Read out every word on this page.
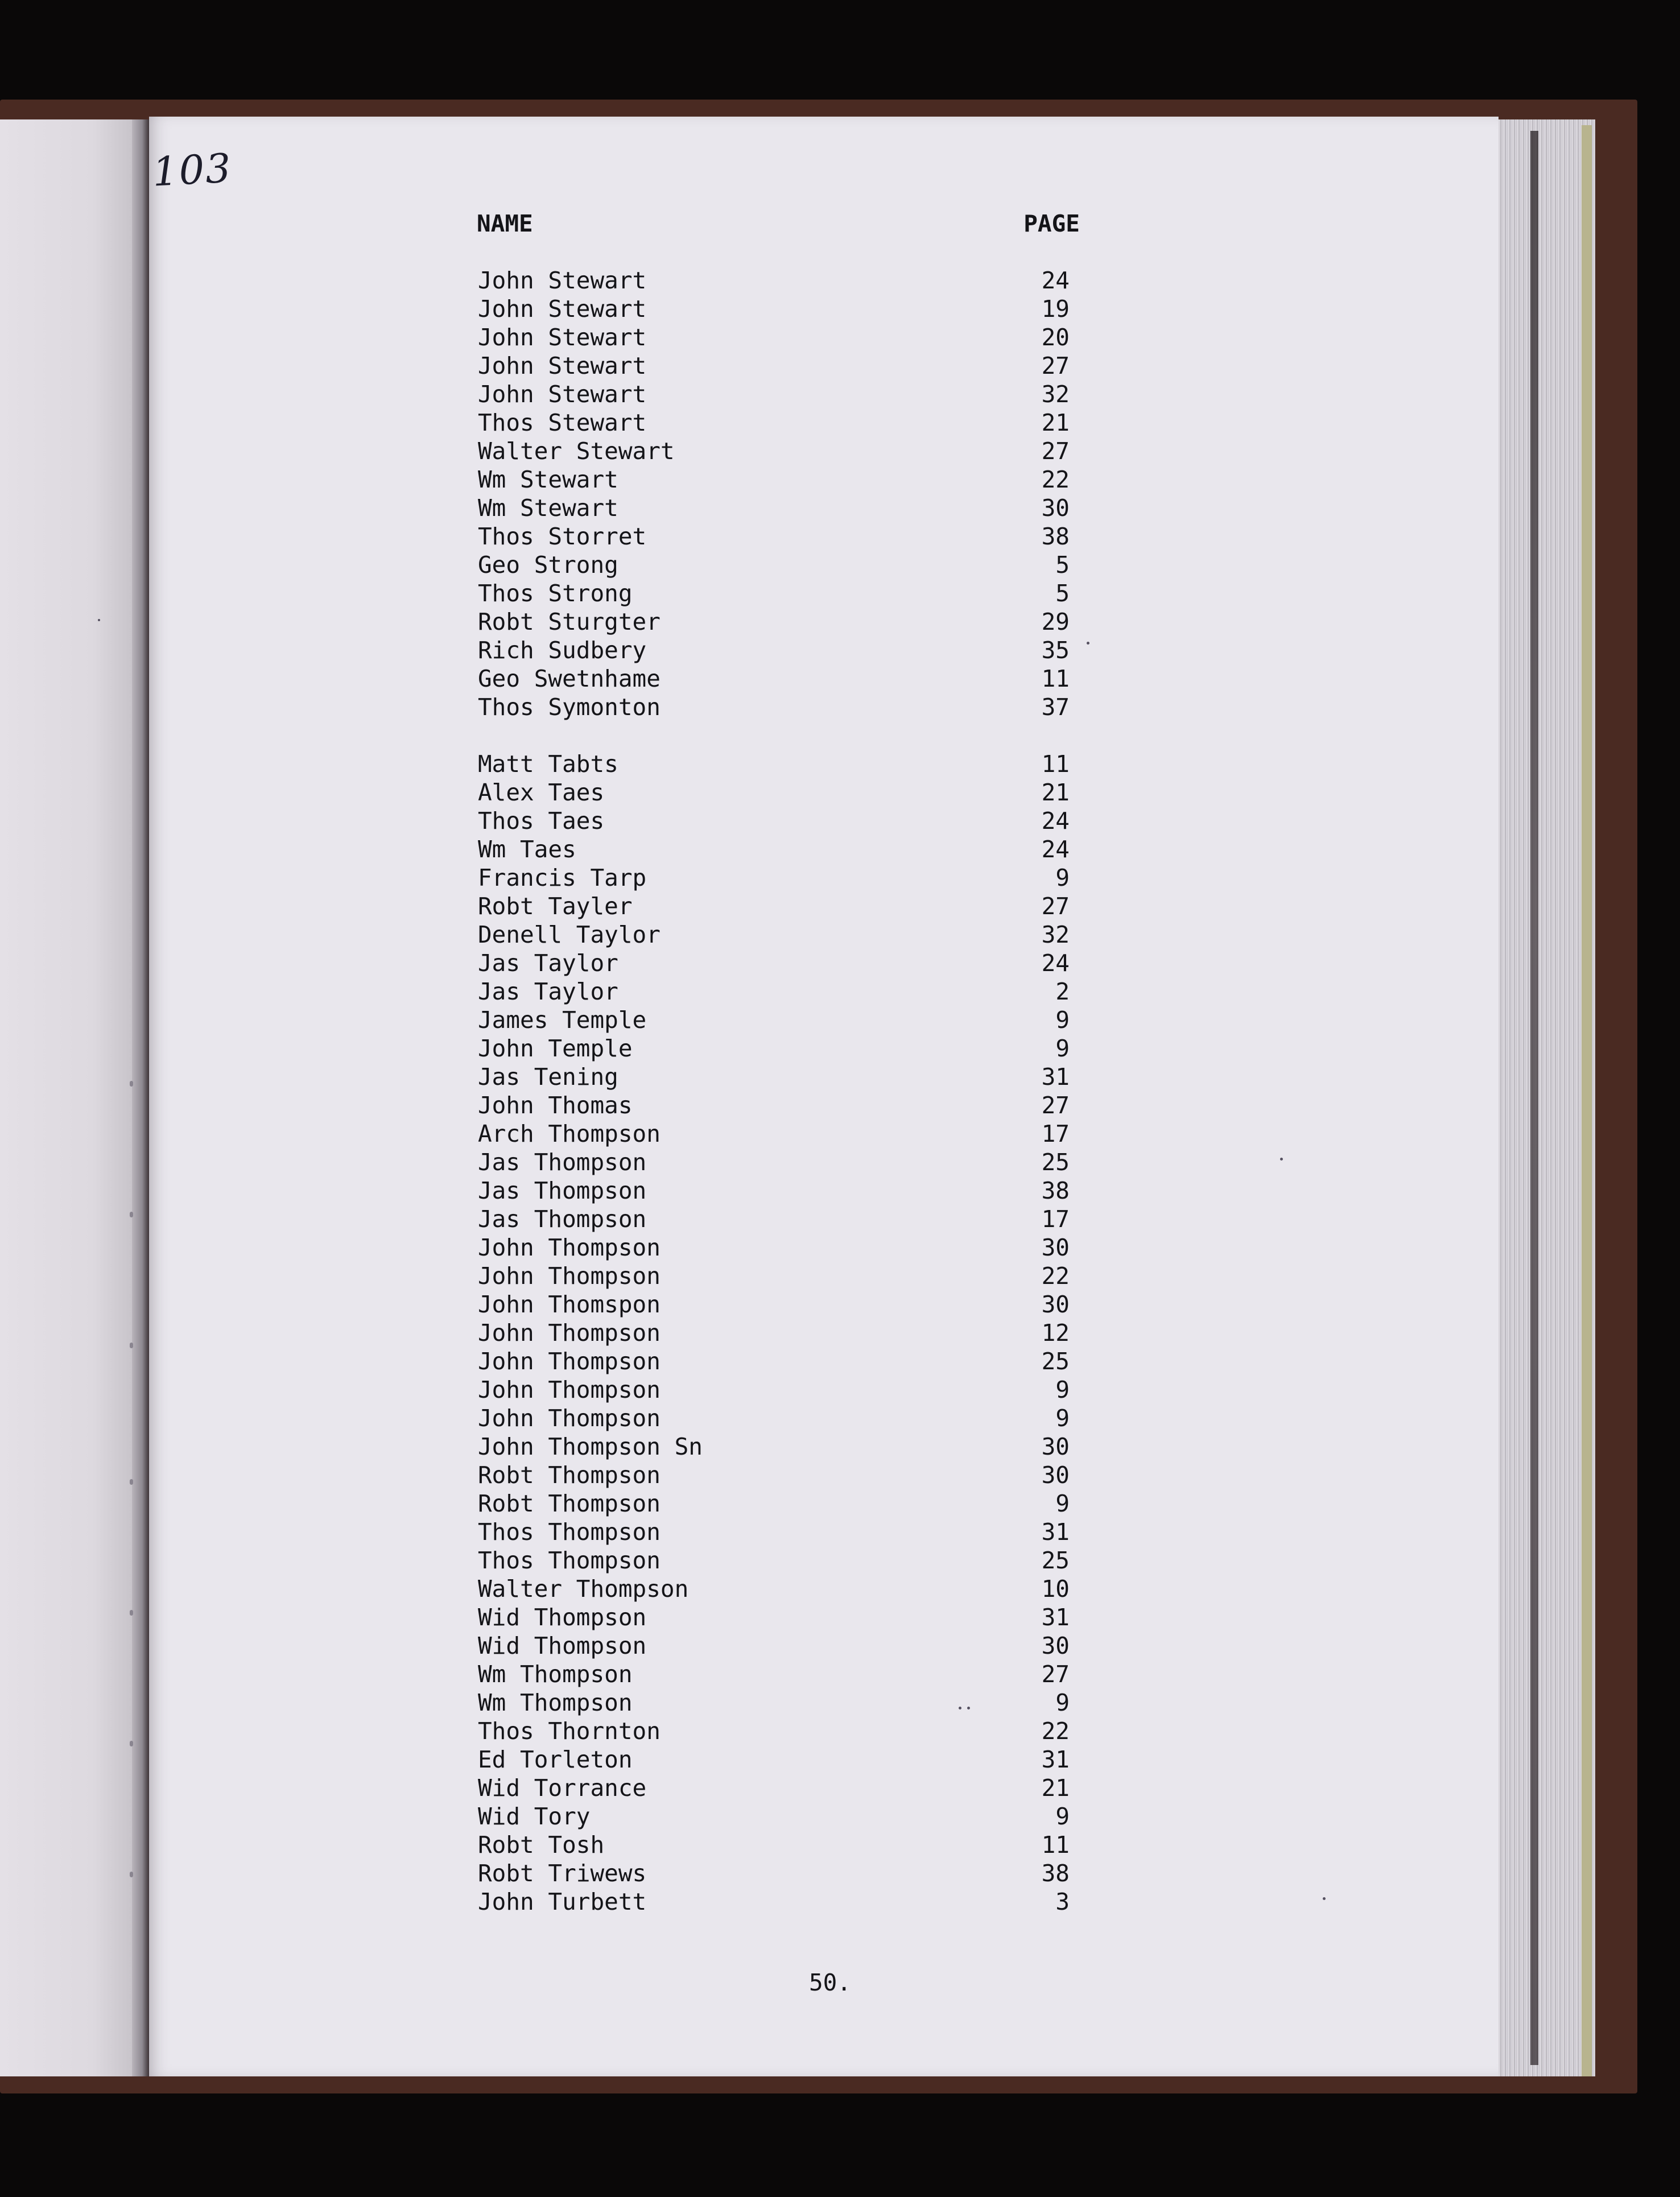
103

NAME

	PAGE

John Stewart	24
John Stewart	19
John Stewart	20
John Stewart	27
John Stewart	32
Thos Stewart	21
Walter Stewart	27
Wm Stewart	22
Wm Stewart	30
Thos Storret	38
Geo Strong	5
Thos Strong	5
Robt Sturgter	29
Rich Sudbery	35
Geo Swetnhame	11
Thos Symonton	37
Matt Tabts	11
Alex Taes	21
Thos Taes	24
Wm Taes	24
Francis Tarp	9
Robt Tayler	27
Denell Taylor	32
Jas Taylor	24
Jas Taylor	2
James Temple	9
John Temple	9
Jas Tening	31
John Thomas	27
Arch Thompson	17
Jas Thompson	25
Jas Thompson	38
Jas Thompson	17
John Thompson	30
John Thompson	22
John Thomspon	30
John Thompson	12
John Thompson	25
John Thompson	9
John Thompson	9
John Thompson Sn	30
Robt Thompson	30
Robt Thompson	9
Thos Thompson	31
Thos Thompson	25
Walter Thompson	10
Wid Thompson	31
Wid Thompson	30
Wm Thompson	27
Wm Thompson	9
Thos Thornton	22
Ed Torleton	31
Wid Torrance	21
Wid Tory	9
Robt Tosh	11
Robt Triwews	38
John Turbett	3
50.
